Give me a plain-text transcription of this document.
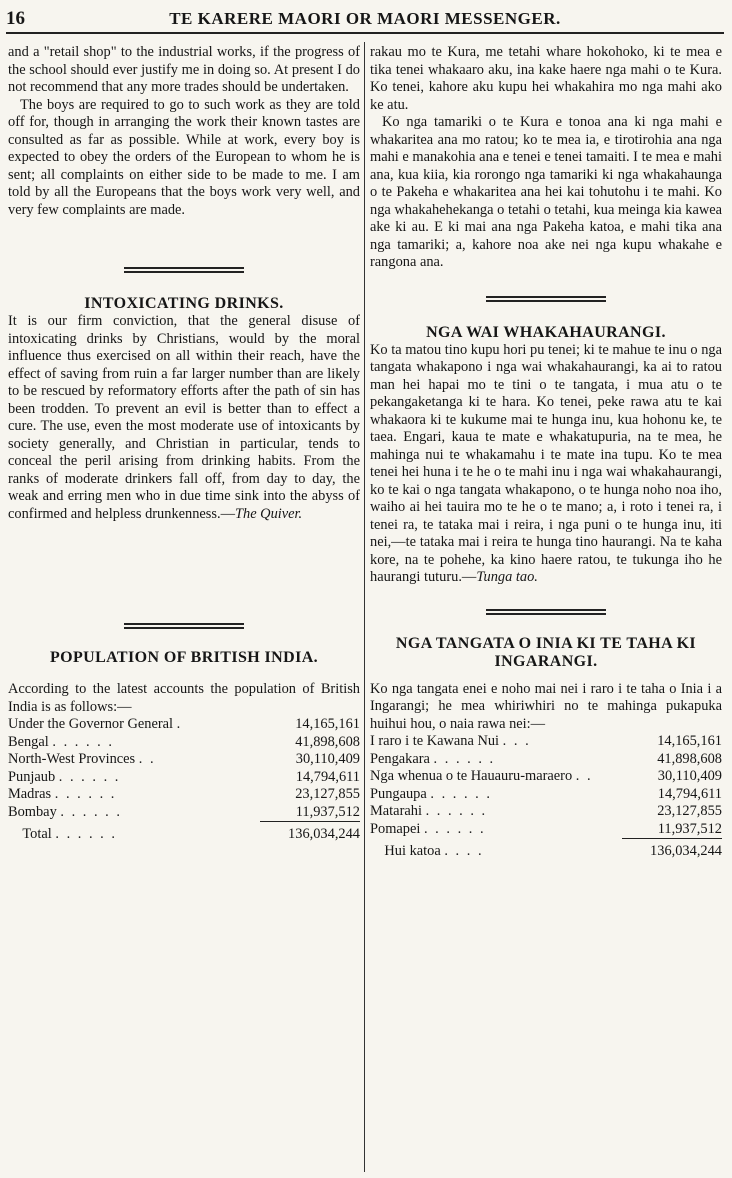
16	TE KARERE MAORI OR MAORI MESSENGER.

and a "retail shop" to the industrial works, if the progress of the school should ever justify me in doing so. At present I do not recommend that any more trades should be undertaken.

The boys are required to go to such work as they are told off for, though in arranging the work their known tastes are consulted as far as possible. While at work, every boy is expected to obey the orders of the European to whom he is sent; all complaints on either side to be made to me. I am told by all the Europeans that the boys work very well, and very few complaints are made.

INTOXICATING DRINKS.

It is our firm conviction, that the general disuse of intoxicating drinks by Christians, would by the moral influence thus exercised on all within their reach, have the effect of saving from ruin a far larger number than are likely to be rescued by reformatory efforts after the path of sin has been trodden. To prevent an evil is better than to effect a cure. The use, even the most moderate use of intoxicants by society generally, and Christian in particular, tends to conceal the peril arising from drinking habits. From the ranks of moderate drinkers fall off, from day to day, the weak and erring men who in due time sink into the abyss of confirmed and helpless drunkenness.—The Quiver.

POPULATION OF BRITISH INDIA.

According to the latest accounts the population of British India is as follows:—

Under the Governor General .	14,165,161
Bengal . . . . . .	41,898,608
North-West Provinces . .	30,110,409
Punjaub . . . . . .	14,794,611
Madras . . . . . .	23,127,855
Bombay . . . . . .	11,937,512

Total . . . . . .	136,034,244

rakau mo te Kura, me tetahi whare hokohoko, ki te mea e tika tenei whakaaro aku, ina kake haere nga mahi o te Kura. Ko tenei, kahore aku kupu hei whakahira mo nga mahi ako ke atu.

Ko nga tamariki o te Kura e tonoa ana ki nga mahi e whakaritea ana mo ratou; ko te mea ia, e tirotirohia ana nga mahi e manakohia ana e tenei e tenei tamaiti. I te mea e mahi ana, kua kiia, kia rorongo nga tamariki ki nga whakahaunga o te Pakeha e whakaritea ana hei kai tohutohu i te mahi. Ko nga whakahehekanga o tetahi o tetahi, kua meinga kia kawea ake ki au. E ki mai ana nga Pakeha katoa, e mahi tika ana nga tamariki; a, kahore noa ake nei nga kupu whakahe e rangona ana.

NGA WAI WHAKAHAURANGI.

Ko ta matou tino kupu hori pu tenei; ki te mahue te inu o nga tangata whakapono i nga wai whakahaurangi, ka ai to ratou man hei hapai mo te tini o te tangata, i mua atu o te pekangaketanga ki te hara. Ko tenei, peke rawa atu te kai whakaora ki te kukume mai te hunga inu, kua hohonu ke, te taea. Engari, kaua te mate e whakatupuria, na te mea, he mahinga nui te whakamahu i te mate ina tupu. Ko te mea tenei hei huna i te he o te mahi inu i nga wai whakahaurangi, ko te kai o nga tangata whakapono, o te hunga noho noa iho, waiho ai hei tauira mo te he o te mano; a, i roto i tenei ra, i tenei ra, te tataka mai i reira, i nga puni o te hunga inu, iti nei,—te tataka mai i reira te hunga tino haurangi. Na te kaha kore, na te pohehe, ka kino haere ratou, te tukunga iho he haurangi tuturu.—Tunga tao.

NGA TANGATA O INIA KI TE TAHA KI INGARANGI.

Ko nga tangata enei e noho mai nei i raro i te taha o Inia i a Ingarangi; he mea whiriwhiri no te mahinga pukapuka huihui hou, o naia rawa nei:—

I raro i te Kawana Nui . . .	14,165,161
Pengakara . . . . . .	41,898,608
Nga whenua o te Hauauru-maraero . .	30,110,409
Pungaupa . . . . . .	14,794,611
Matarahi . . . . . .	23,127,855
Pomapei . . . . . .	11,937,512

Hui katoa . . . .	136,034,244
